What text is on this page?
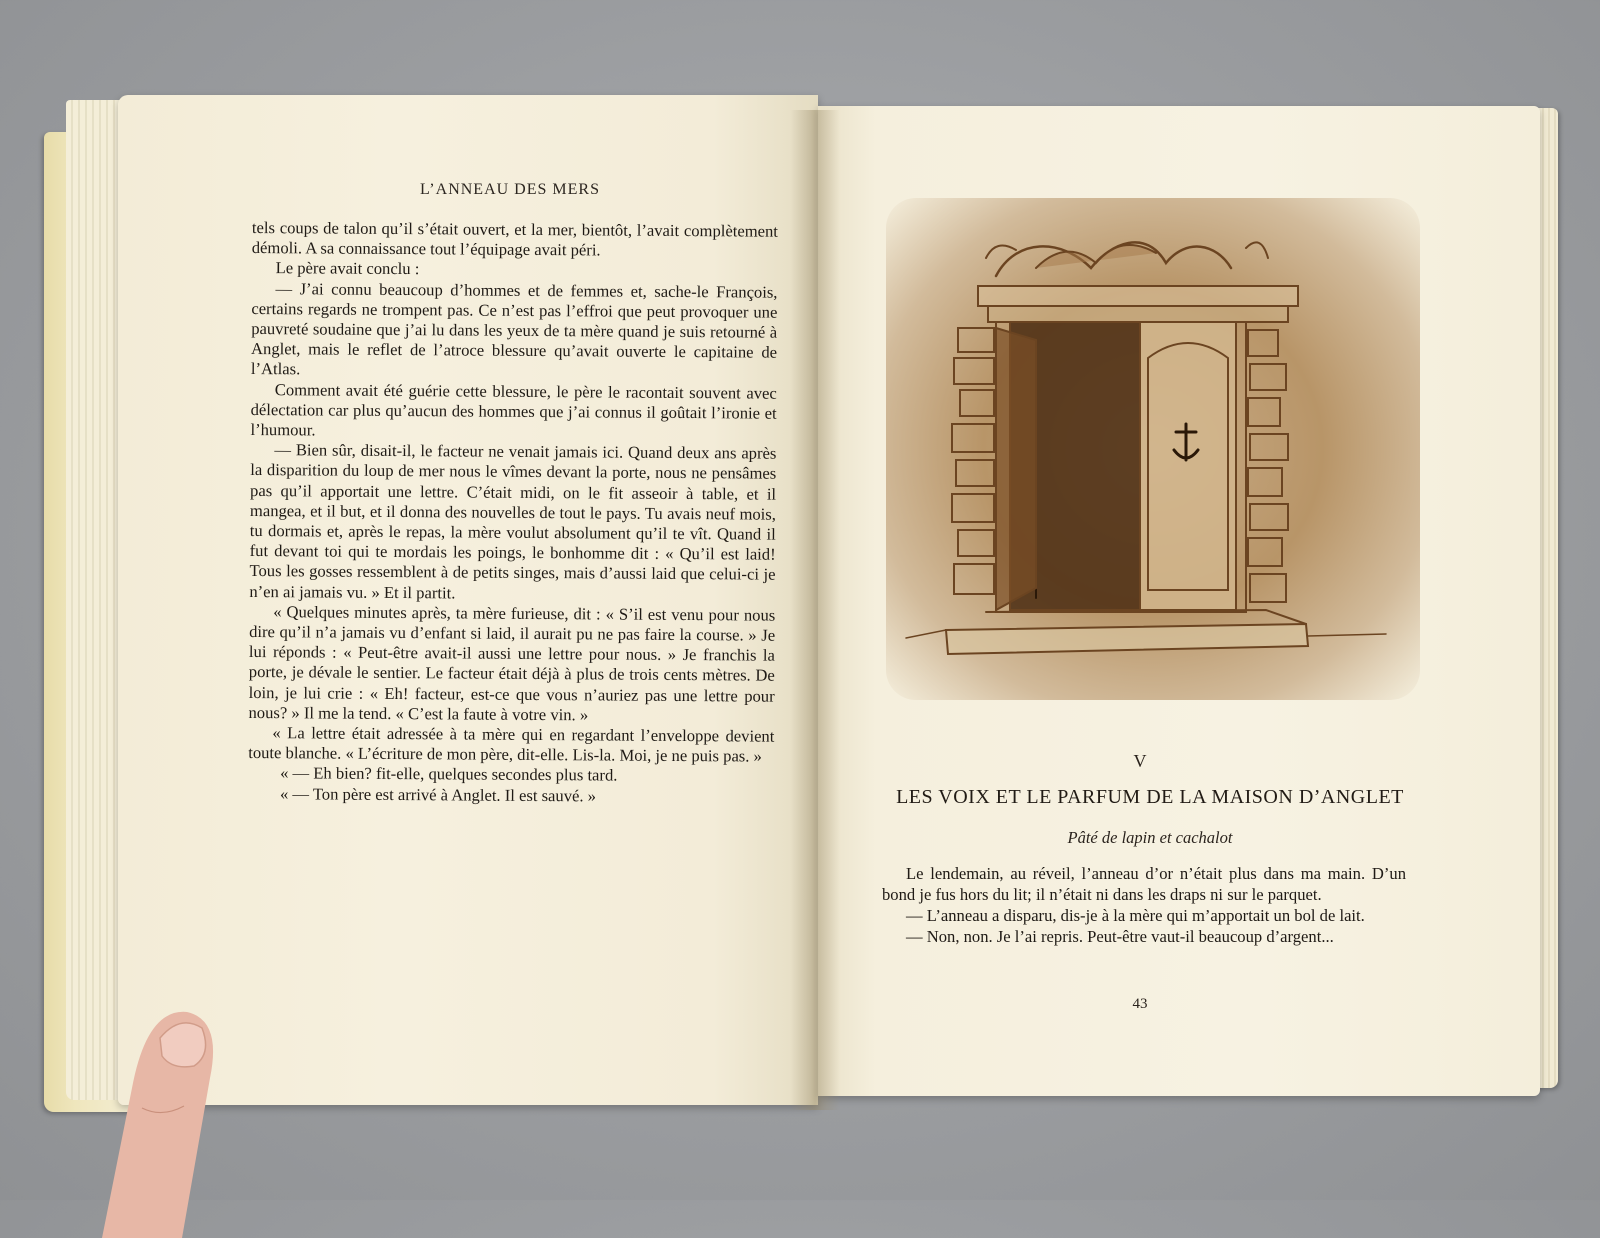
L’ANNEAU DES MERS

tels coups de talon qu’il s’était ouvert, et la mer, bientôt, l’avait complètement démoli. A sa connaissance tout l’équipage avait péri.

Le père avait conclu :

— J’ai connu beaucoup d’hommes et de femmes et, sache-le François, certains regards ne trompent pas. Ce n’est pas l’effroi que peut provoquer une pauvreté soudaine que j’ai lu dans les yeux de ta mère quand je suis retourné à Anglet, mais le reflet de l’atroce blessure qu’avait ouverte le capitaine de l’Atlas.

Comment avait été guérie cette blessure, le père le racontait souvent avec délectation car plus qu’aucun des hommes que j’ai connus il goûtait l’ironie et l’humour.

— Bien sûr, disait-il, le facteur ne venait jamais ici. Quand deux ans après la disparition du loup de mer nous le vîmes devant la porte, nous ne pensâmes pas qu’il apportait une lettre. C’était midi, on le fit asseoir à table, et il mangea, et il but, et il donna des nouvelles de tout le pays. Tu avais neuf mois, tu dormais et, après le repas, la mère voulut absolument qu’il te vît. Quand il fut devant toi qui te mordais les poings, le bonhomme dit : « Qu’il est laid! Tous les gosses ressemblent à de petits singes, mais d’aussi laid que celui-ci je n’en ai jamais vu. » Et il partit.

« Quelques minutes après, ta mère furieuse, dit : « S’il est venu pour nous dire qu’il n’a jamais vu d’enfant si laid, il aurait pu ne pas faire la course. » Je lui réponds : « Peut-être avait-il aussi une lettre pour nous. » Je franchis la porte, je dévale le sentier. Le facteur était déjà à plus de trois cents mètres. De loin, je lui crie : « Eh! facteur, est-ce que vous n’auriez pas une lettre pour nous? » Il me la tend. « C’est la faute à votre vin. »

« La lettre était adressée à ta mère qui en regardant l’enveloppe devient toute blanche. « L’écriture de mon père, dit-elle. Lis-la. Moi, je ne puis pas. »

« — Eh bien? fit-elle, quelques secondes plus tard.

« — Ton père est arrivé à Anglet. Il est sauvé. »

V
LES VOIX ET LE PARFUM DE LA MAISON D’ANGLET
Pâté de lapin et cachalot

Le lendemain, au réveil, l’anneau d’or n’était plus dans ma main. D’un bond je fus hors du lit; il n’était ni dans les draps ni sur le parquet.

— L’anneau a disparu, dis-je à la mère qui m’apportait un bol de lait.

— Non, non. Je l’ai repris. Peut-être vaut-il beaucoup d’argent...

43
